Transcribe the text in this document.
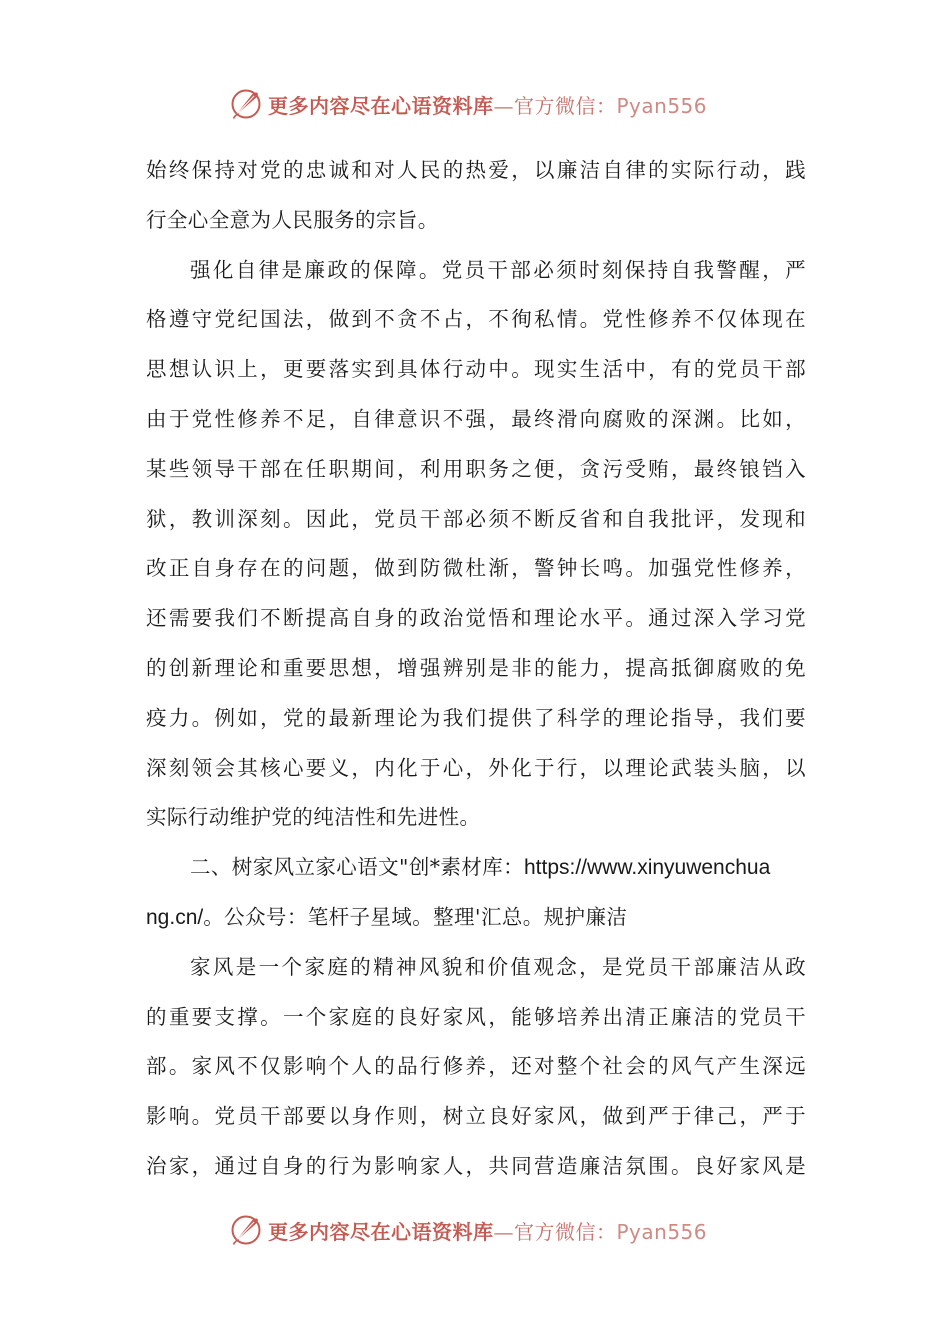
更多内容尽在心语资料库—官方微信：Pyan556
始终保持对党的忠诚和对人民的热爱，以廉洁自律的实际行动，践
行全心全意为人民服务的宗旨。
强化自律是廉政的保障。党员干部必须时刻保持自我警醒，严
格遵守党纪国法，做到不贪不占，不徇私情。党性修养不仅体现在
思想认识上，更要落实到具体行动中。现实生活中，有的党员干部
由于党性修养不足，自律意识不强，最终滑向腐败的深渊。比如，
某些领导干部在任职期间，利用职务之便，贪污受贿，最终锒铛入
狱，教训深刻。因此，党员干部必须不断反省和自我批评，发现和
改正自身存在的问题，做到防微杜渐，警钟长鸣。加强党性修养，
还需要我们不断提高自身的政治觉悟和理论水平。通过深入学习党
的创新理论和重要思想，增强辨别是非的能力，提高抵御腐败的免
疫力。例如，党的最新理论为我们提供了科学的理论指导，我们要
深刻领会其核心要义，内化于心，外化于行，以理论武装头脑，以
实际行动维护党的纯洁性和先进性。
二、树家风立家心语文"创*素材库：https://www.xinyuwenchua
ng.cn/。公众号：笔杆子星域。整理'汇总。规护廉洁
家风是一个家庭的精神风貌和价值观念，是党员干部廉洁从政
的重要支撑。一个家庭的良好家风，能够培养出清正廉洁的党员干
部。家风不仅影响个人的品行修养，还对整个社会的风气产生深远
影响。党员干部要以身作则，树立良好家风，做到严于律己，严于
治家，通过自身的行为影响家人，共同营造廉洁氛围。良好家风是
更多内容尽在心语资料库—官方微信：Pyan556
